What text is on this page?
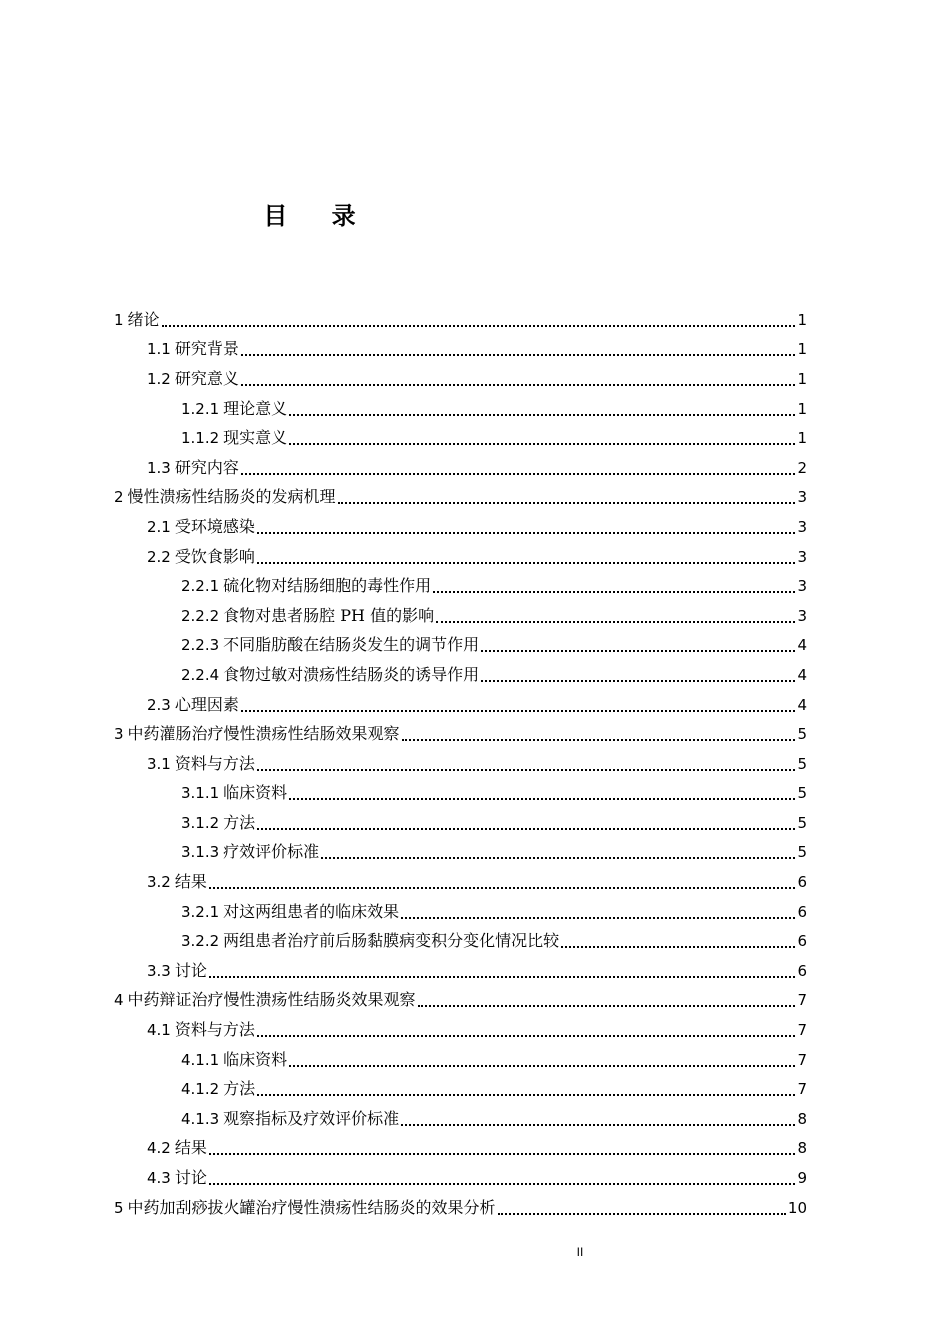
目 录
1 绪论	1
1.1 研究背景	1
1.2 研究意义	1
1.2.1 理论意义	1
1.1.2 现实意义	1
1.3 研究内容	2
2 慢性溃疡性结肠炎的发病机理	3
2.1 受环境感染	3
2.2 受饮食影响	3
2.2.1 硫化物对结肠细胞的毒性作用	3
2.2.2 食物对患者肠腔 PH 值的影响	3
2.2.3 不同脂肪酸在结肠炎发生的调节作用	4
2.2.4 食物过敏对溃疡性结肠炎的诱导作用	4
2.3 心理因素	4
3 中药灌肠治疗慢性溃疡性结肠效果观察	5
3.1 资料与方法	5
3.1.1 临床资料	5
3.1.2 方法	5
3.1.3 疗效评价标准	5
3.2 结果	6
3.2.1 对这两组患者的临床效果	6
3.2.2 两组患者治疗前后肠黏膜病变积分变化情况比较	6
3.3 讨论	6
4 中药辩证治疗慢性溃疡性结肠炎效果观察	7
4.1 资料与方法	7
4.1.1 临床资料	7
4.1.2 方法	7
4.1.3 观察指标及疗效评价标准	8
4.2 结果	8
4.3 讨论	9
5 中药加刮痧拔火罐治疗慢性溃疡性结肠炎的效果分析	10
II
